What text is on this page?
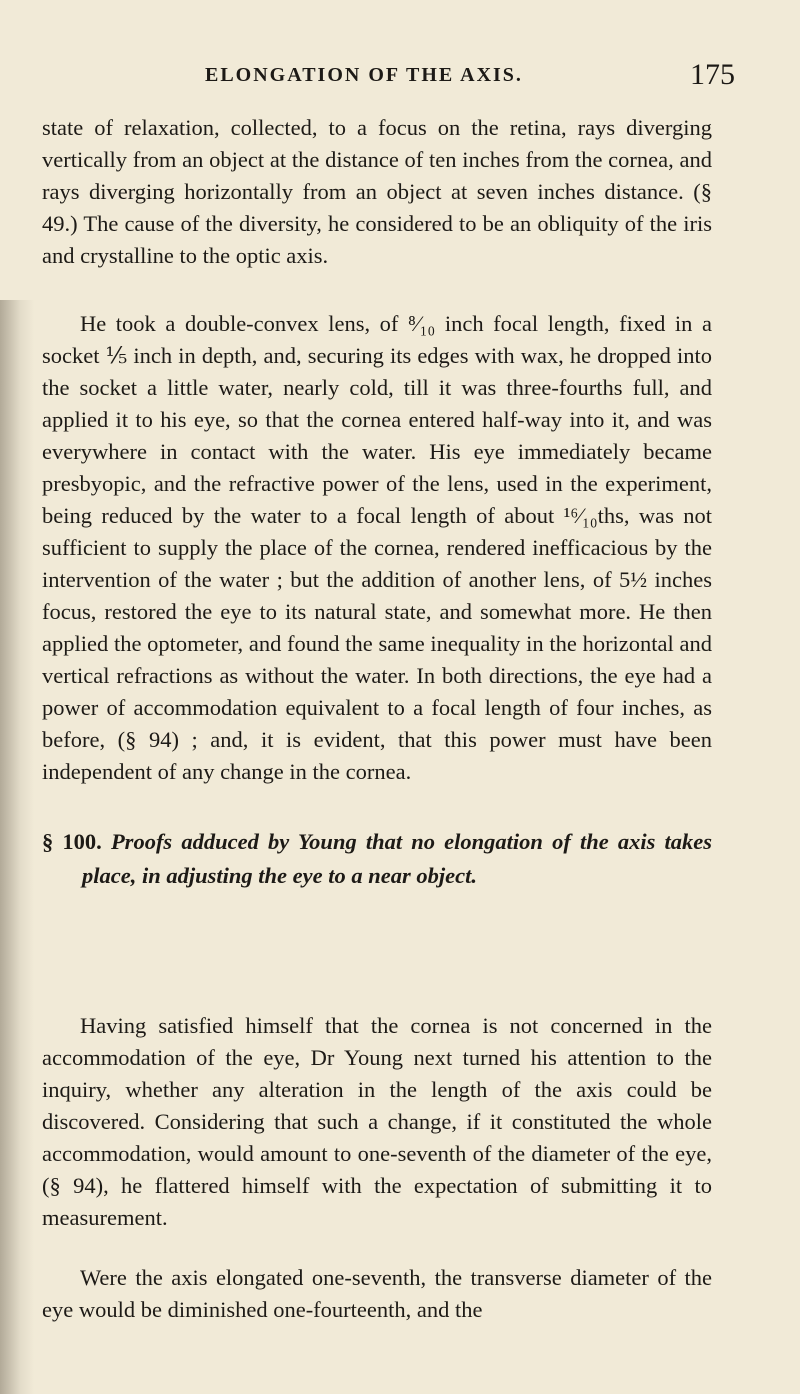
ELONGATION OF THE AXIS.	175

state of relaxation, collected, to a focus on the retina, rays diverging vertically from an object at the distance of ten inches from the cornea, and rays diverging horizontally from an object at seven inches distance. (§ 49.) The cause of the diversity, he considered to be an obliquity of the iris and crystalline to the optic axis.

He took a double-convex lens, of ⁸⁄₁₀ inch focal length, fixed in a socket ⅕ inch in depth, and, securing its edges with wax, he dropped into the socket a little water, nearly cold, till it was three-fourths full, and applied it to his eye, so that the cornea entered half-way into it, and was everywhere in contact with the water. His eye immediately became presbyopic, and the refractive power of the lens, used in the experiment, being reduced by the water to a focal length of about ¹⁶⁄₁₀ths, was not sufficient to supply the place of the cornea, rendered inefficacious by the intervention of the water ; but the addition of another lens, of 5½ inches focus, restored the eye to its natural state, and somewhat more. He then applied the optometer, and found the same inequality in the horizontal and vertical refractions as without the water. In both directions, the eye had a power of accommodation equivalent to a focal length of four inches, as before, (§ 94) ; and, it is evident, that this power must have been independent of any change in the cornea.

§ 100. Proofs adduced by Young that no elongation of the axis takes place, in adjusting the eye to a near object.

Having satisfied himself that the cornea is not concerned in the accommodation of the eye, Dr Young next turned his attention to the inquiry, whether any alteration in the length of the axis could be discovered. Considering that such a change, if it constituted the whole accommodation, would amount to one-seventh of the diameter of the eye, (§ 94), he flattered himself with the expectation of submitting it to measurement.

Were the axis elongated one-seventh, the transverse diameter of the eye would be diminished one-fourteenth, and the
